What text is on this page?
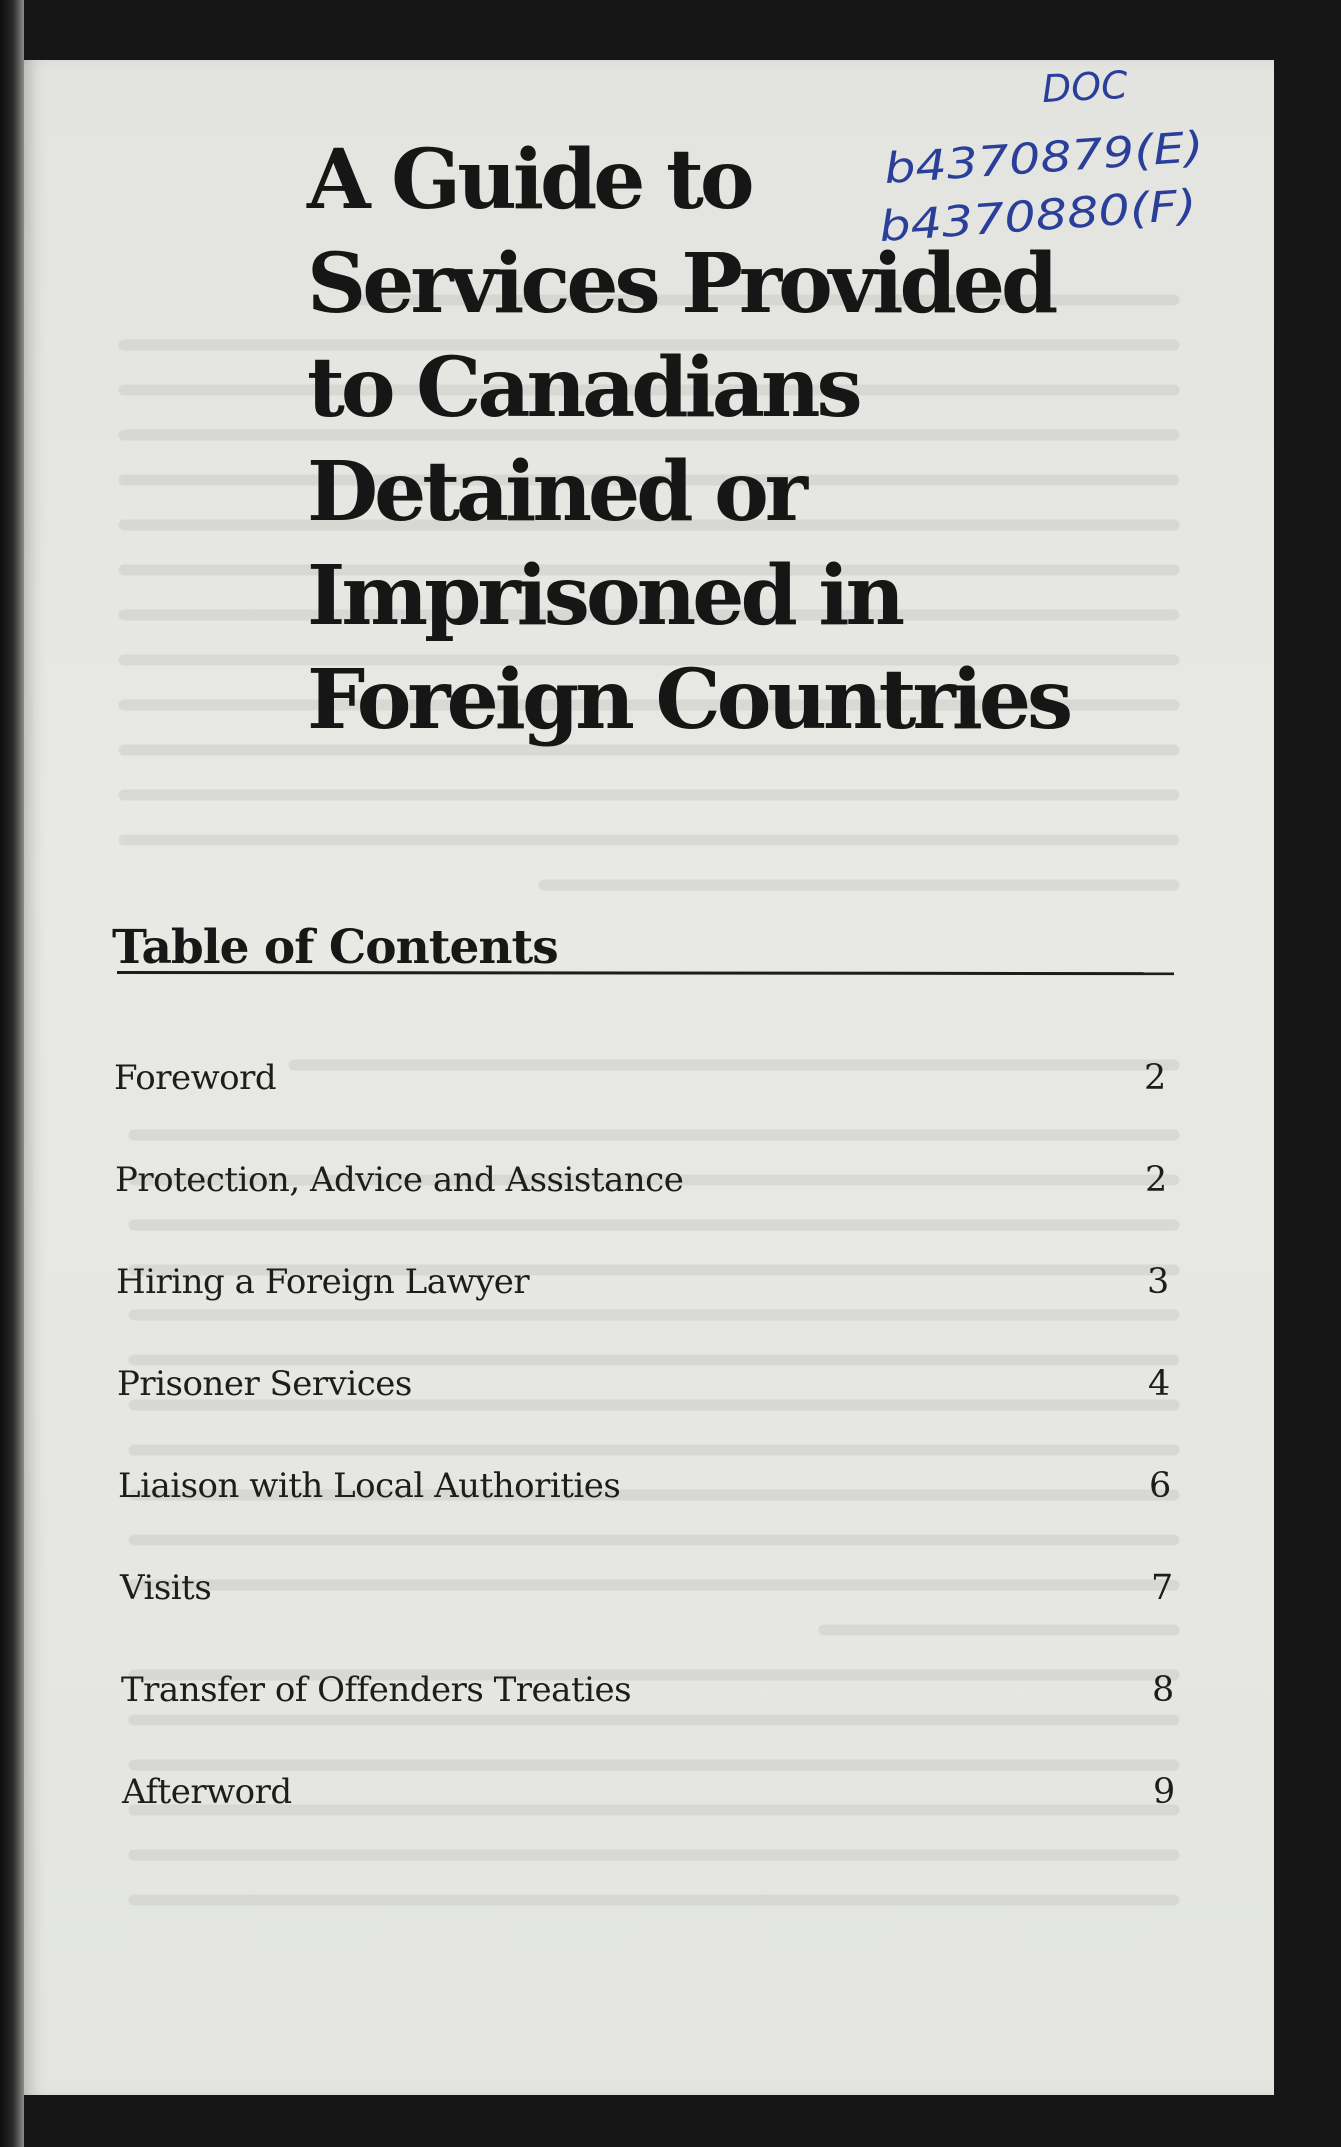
DOC
b4370879(E)
b4370880(F)
A Guide to
Services Provided
to Canadians
Detained or
Imprisoned in
Foreign Countries
Table of Contents
Foreword	2
Protection, Advice and Assistance	2
Hiring a Foreign Lawyer	3
Prisoner Services	4
Liaison with Local Authorities	6
Visits	7
Transfer of Offenders Treaties	8
Afterword	9
